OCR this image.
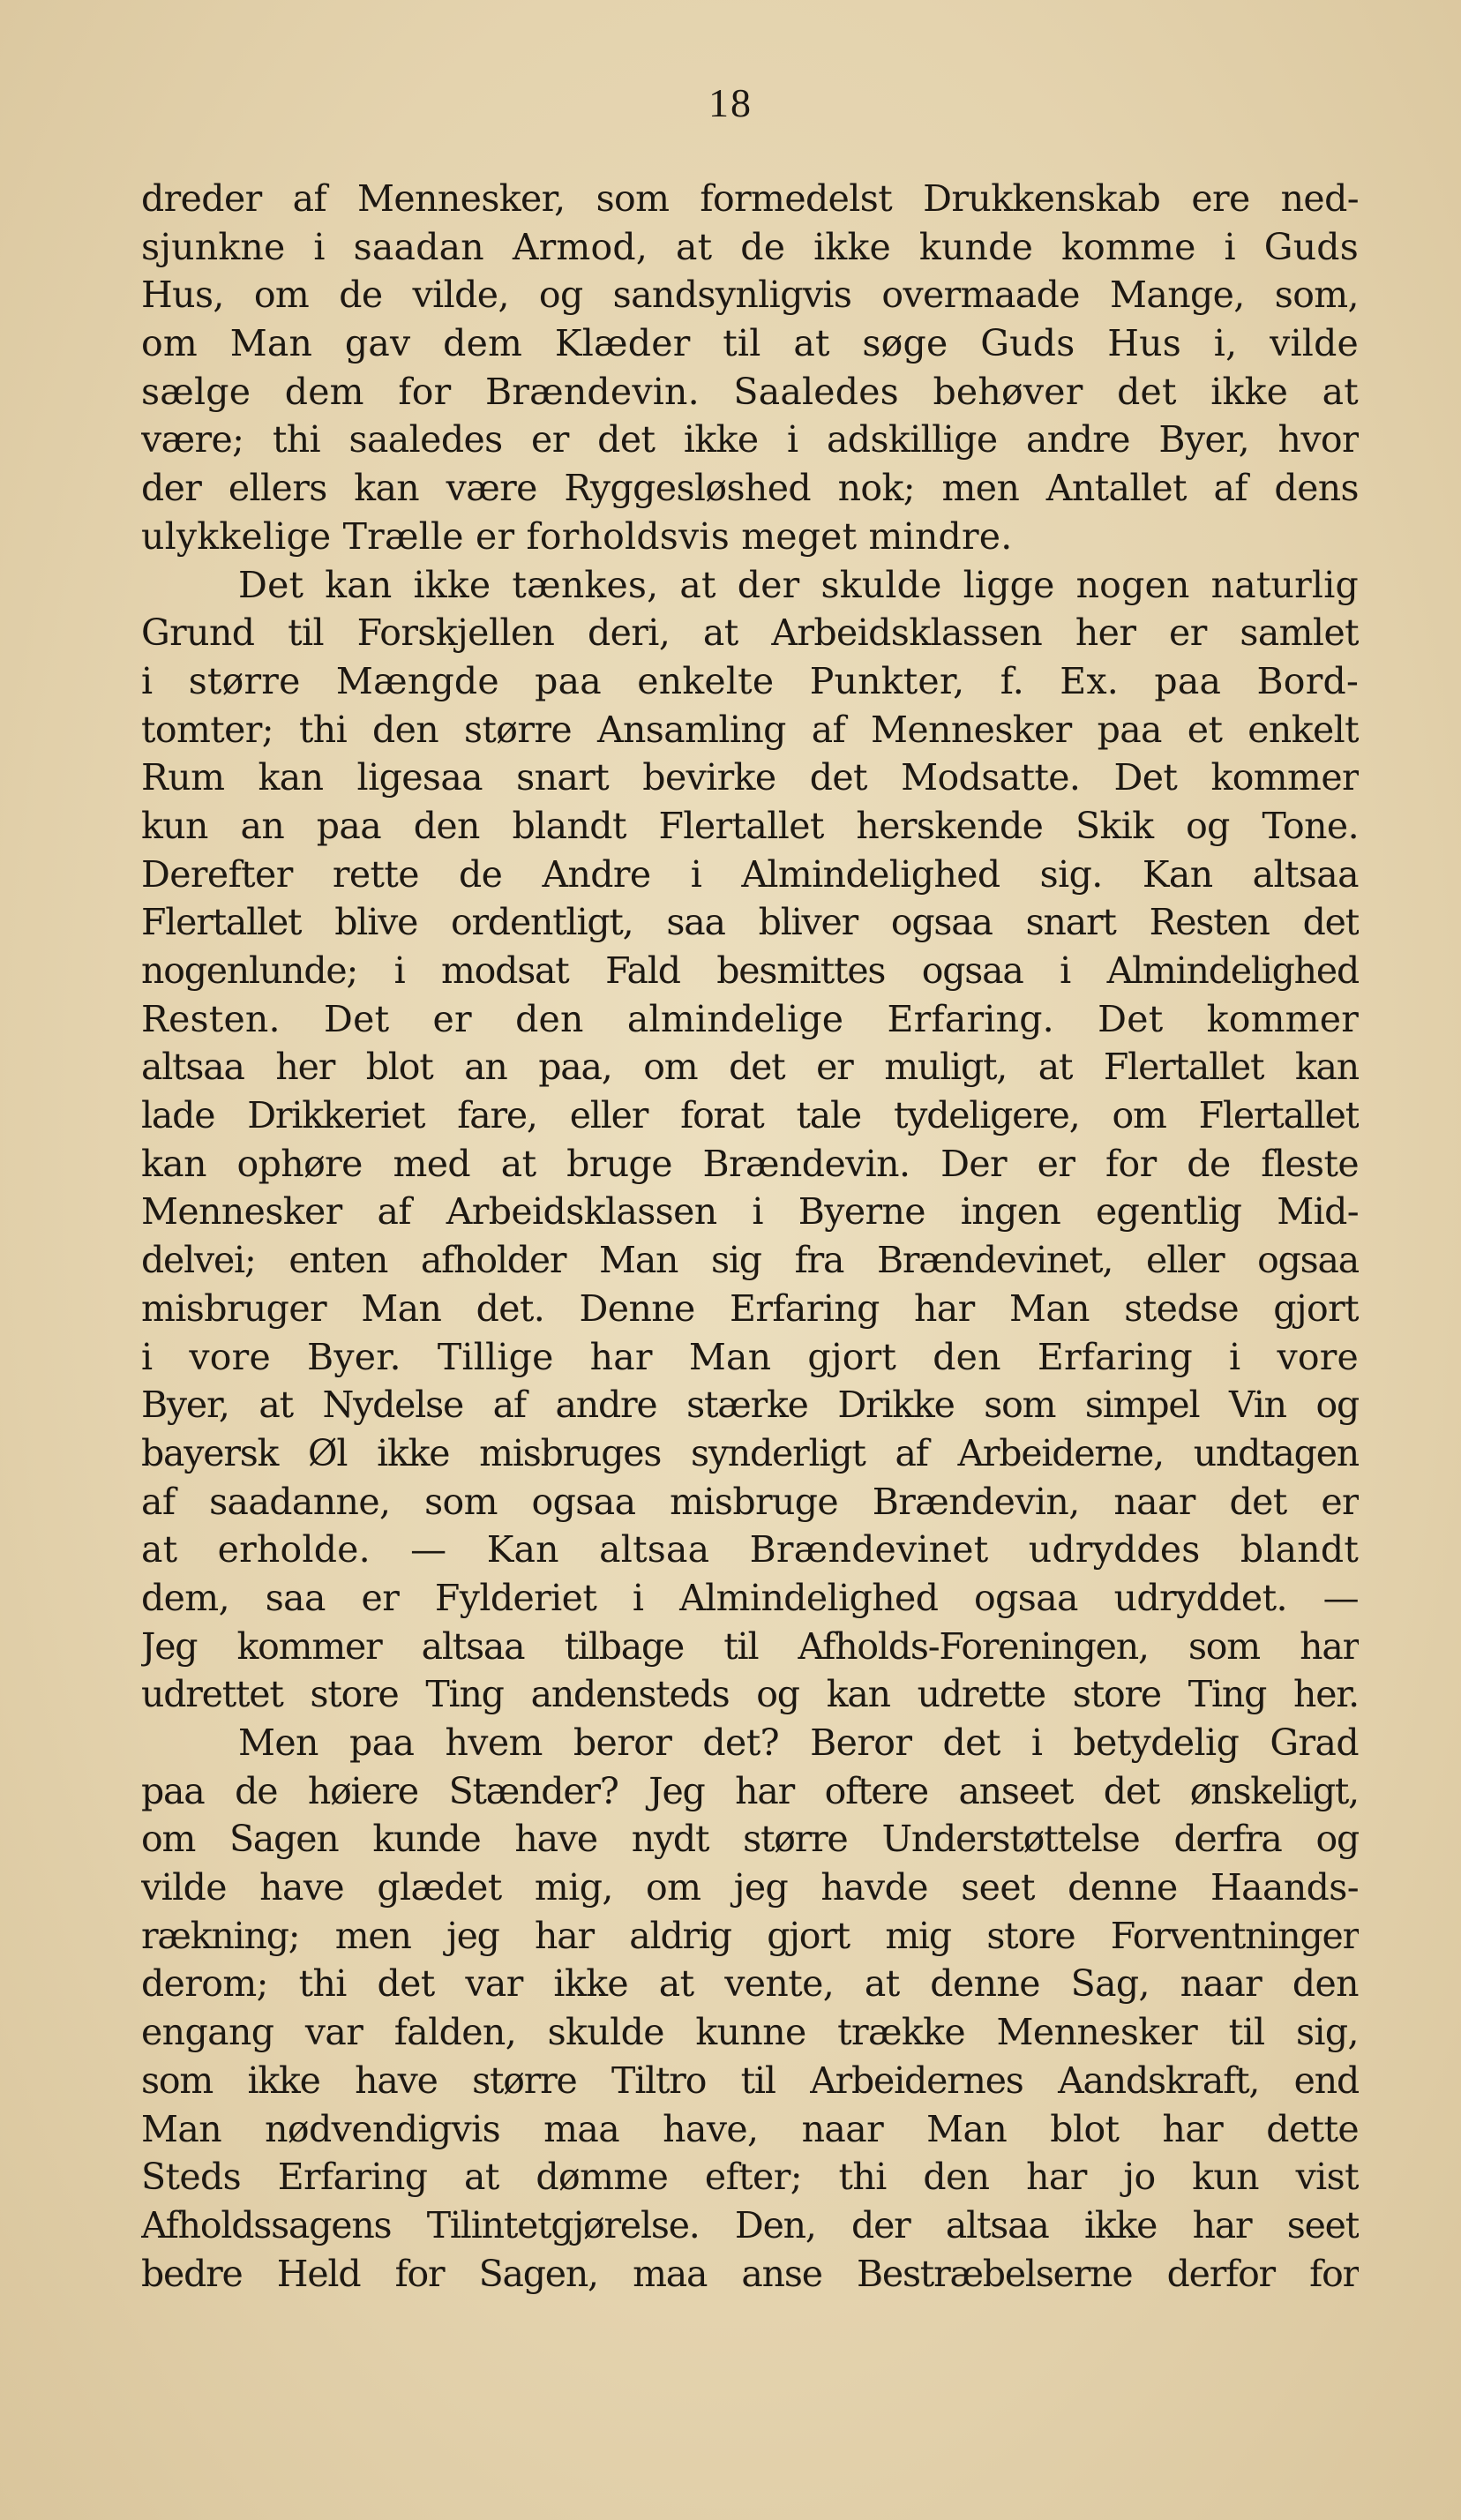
18
dreder af Mennesker, som formedelst Drukkenskab ere ned-
sjunkne i saadan Armod, at de ikke kunde komme i Guds
Hus, om de vilde, og sandsynligvis overmaade Mange, som,
om Man gav dem Klæder til at søge Guds Hus i, vilde
sælge dem for Brændevin. Saaledes behøver det ikke at
være; thi saaledes er det ikke i adskillige andre Byer, hvor
der ellers kan være Ryggesløshed nok; men Antallet af dens
ulykkelige Trælle er forholdsvis meget mindre.
Det kan ikke tænkes, at der skulde ligge nogen naturlig
Grund til Forskjellen deri, at Arbeidsklassen her er samlet
i større Mængde paa enkelte Punkter, f. Ex. paa Bord-
tomter; thi den større Ansamling af Mennesker paa et enkelt
Rum kan ligesaa snart bevirke det Modsatte. Det kommer
kun an paa den blandt Flertallet herskende Skik og Tone.
Derefter rette de Andre i Almindelighed sig. Kan altsaa
Flertallet blive ordentligt, saa bliver ogsaa snart Resten det
nogenlunde; i modsat Fald besmittes ogsaa i Almindelighed
Resten. Det er den almindelige Erfaring. Det kommer
altsaa her blot an paa, om det er muligt, at Flertallet kan
lade Drikkeriet fare, eller forat tale tydeligere, om Flertallet
kan ophøre med at bruge Brændevin. Der er for de fleste
Mennesker af Arbeidsklassen i Byerne ingen egentlig Mid-
delvei; enten afholder Man sig fra Brændevinet, eller ogsaa
misbruger Man det. Denne Erfaring har Man stedse gjort
i vore Byer. Tillige har Man gjort den Erfaring i vore
Byer, at Nydelse af andre stærke Drikke som simpel Vin og
bayersk Øl ikke misbruges synderligt af Arbeiderne, undtagen
af saadanne, som ogsaa misbruge Brændevin, naar det er
at erholde. — Kan altsaa Brændevinet udryddes blandt
dem, saa er Fylderiet i Almindelighed ogsaa udryddet. —
Jeg kommer altsaa tilbage til Afholds-Foreningen, som har
udrettet store Ting andensteds og kan udrette store Ting her.
Men paa hvem beror det? Beror det i betydelig Grad
paa de høiere Stænder? Jeg har oftere anseet det ønskeligt,
om Sagen kunde have nydt større Understøttelse derfra og
vilde have glædet mig, om jeg havde seet denne Haands-
rækning; men jeg har aldrig gjort mig store Forventninger
derom; thi det var ikke at vente, at denne Sag, naar den
engang var falden, skulde kunne trække Mennesker til sig,
som ikke have større Tiltro til Arbeidernes Aandskraft, end
Man nødvendigvis maa have, naar Man blot har dette
Steds Erfaring at dømme efter; thi den har jo kun vist
Afholdssagens Tilintetgjørelse. Den, der altsaa ikke har seet
bedre Held for Sagen, maa anse Bestræbelserne derfor for
